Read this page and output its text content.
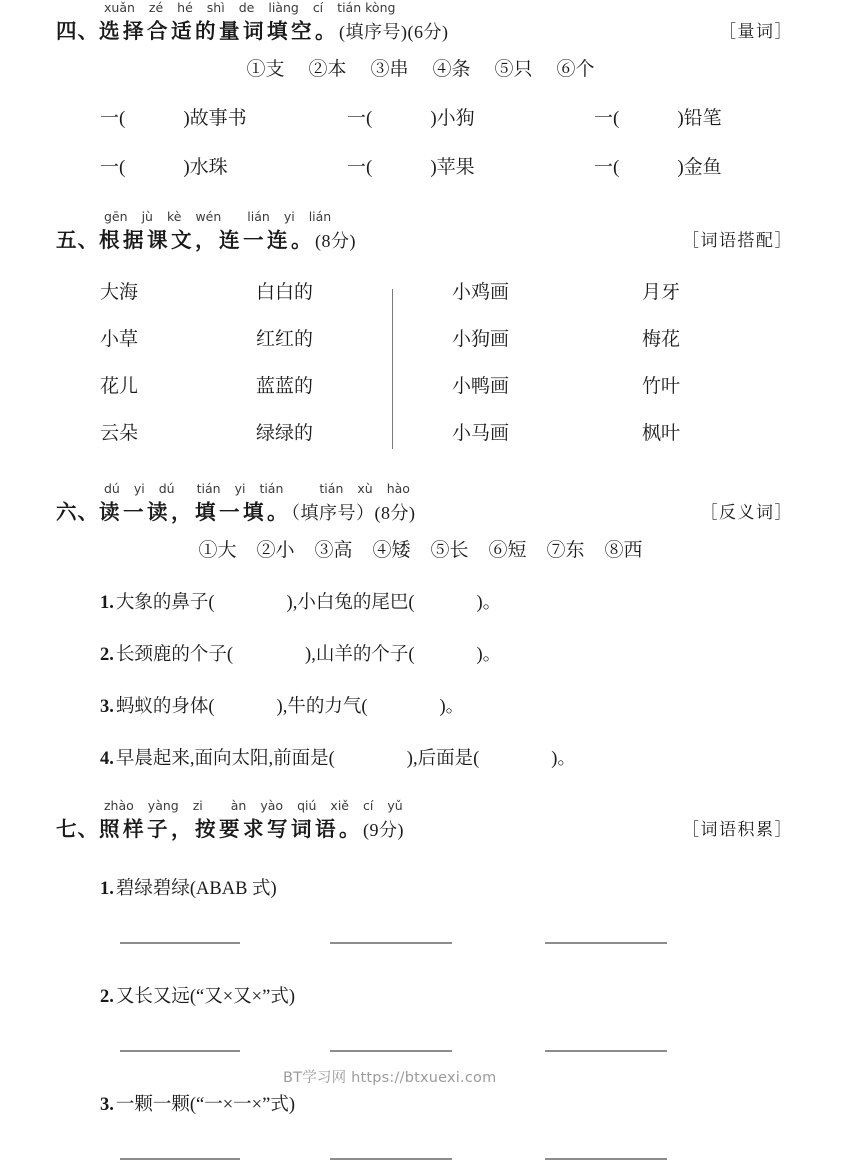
xuǎn zé hé shì de liàng cí tián kòng
四、选择合适的量词填空。(填序号)(6分)	［量词］
①支 ②本 ③串 ④条 ⑤只 ⑥个
一(	)故事书	一(	)小狗	一(	)铅笔
一(	)水珠	一(	)苹果	一(	)金鱼
gēn jù kè wén lián yi lián
五、根据课文，连一连。(8分)	［词语搭配］
大海	白白的	小鸡画	月牙
小草	红红的	小狗画	梅花
花儿	蓝蓝的	小鸭画	竹叶
云朵	绿绿的	小马画	枫叶
dú yi dú tián yi tián	tián xù hào
六、读一读，填一填。（填序号）(8分)	［反义词］
①大 ②小 ③高 ④矮 ⑤长 ⑥短 ⑦东 ⑧西
1. 大象的鼻子(	),小白兔的尾巴(	)。
2. 长颈鹿的个子(	),山羊的个子(	)。
3. 蚂蚁的身体(	),牛的力气(	)。
4. 早晨起来,面向太阳,前面是(	),后面是(	)。
zhào yàng zi àn yào qiú xiě cí yǔ
七、照样子，按要求写词语。(9分)	［词语积累］
1. 碧绿碧绿(ABAB 式)
2. 又长又远(“又×又×”式)
3. 一颗一颗(“一×一×”式)
BT学习网 https://btxuexi.com
